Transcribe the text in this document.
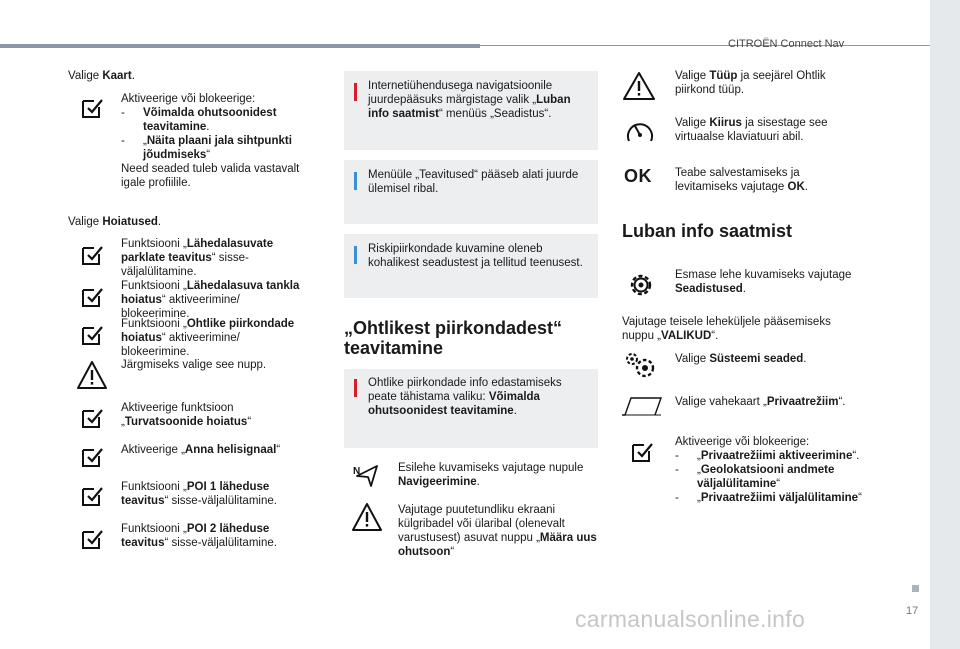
CITROËN Connect Nav
17
Valige Kaart.
Aktiveerige või blokeerige:
- Võimalda ohutsoonidest teavitamine.
- „Näita plaani jala sihtpunkti jõudmiseks“
Need seaded tuleb valida vastavalt igale profiilile.
Valige Hoiatused.
Funktsiooni „Lähedalasuvate parklate teavitus“ sisse-väljalülitamine.
Funktsiooni „Lähedalasuva tankla hoiatus“ aktiveerimine/ blokeerimine.
Funktsiooni „Ohtlike piirkondade hoiatus“ aktiveerimine/ blokeerimine.
Järgmiseks valige see nupp.
Aktiveerige funktsioon „Turvatsoonide hoiatus“
Aktiveerige „Anna helisignaal“
Funktsiooni „POI 1 läheduse teavitus“ sisse-väljalülitamine.
Funktsiooni „POI 2 läheduse teavitus“ sisse-väljalülitamine.
Internetiühendusega navigatsioonile juurdepääsuks märgistage valik „Luban info saatmist“ menüüs „Seadistus“.
Menüüle „Teavitused“ pääseb alati juurde ülemisel ribal.
Riskipiirkondade kuvamine oleneb kohalikest seadustest ja tellitud teenusest.
„Ohtlikest piirkondadest“ teavitamine
Ohtlike piirkondade info edastamiseks peate tähistama valiku: Võimalda ohutsoonidest teavitamine.
N	Esilehe kuvamiseks vajutage nupule Navigeerimine.
Vajutage puutetundliku ekraani külgribadel või ülaribal (olenevalt varustusest) asuvat nuppu „Määra uus ohutsoon“
Valige Tüüp ja seejärel Ohtlik piirkond tüüp.
Valige Kiirus ja sisestage see virtuaalse klaviatuuri abil.
OK Teabe salvestamiseks ja levitamiseks vajutage OK.
Luban info saatmist
Esmase lehe kuvamiseks vajutage Seadistused.
Vajutage teisele leheküljele pääsemiseks nuppu „VALIKUD“.
Valige Süsteemi seaded.
Valige vahekaart „Privaatrežiim“.
Aktiveerige või blokeerige:
- „Privaatrežiimi aktiveerimine“.
- „Geolokatsiooni andmete väljalülitamine“
- „Privaatrežiimi väljalülitamine“
carmanualsonline.info
